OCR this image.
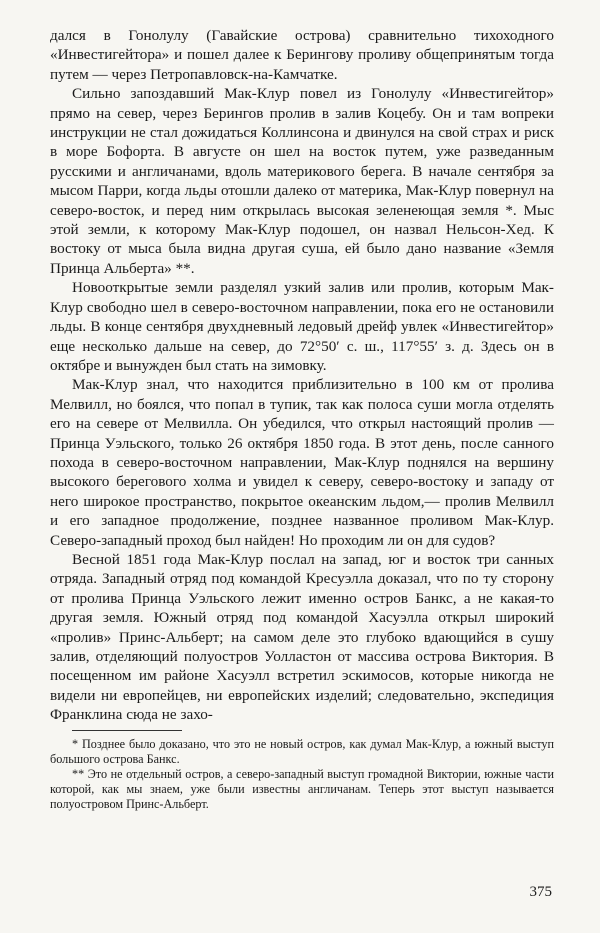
дался в Гонолулу (Гавайские острова) сравнительно тихоходного «Инвестигейтора» и пошел далее к Берингову проливу общепринятым тогда путем — через Петропавловск-на-Камчатке.

Сильно запоздавший Мак-Клур повел из Гонолулу «Инвестигейтор» прямо на север, через Берингов пролив в залив Коцебу. Он и там вопреки инструкции не стал дожидаться Коллинсона и двинулся на свой страх и риск в море Бофорта. В августе он шел на восток путем, уже разведанным русскими и англичанами, вдоль материкового берега. В начале сентября за мысом Парри, когда льды отошли далеко от материка, Мак-Клур повернул на северо-восток, и перед ним открылась высокая зеленеющая земля *. Мыс этой земли, к которому Мак-Клур подошел, он назвал Нельсон-Хед. К востоку от мыса была видна другая суша, ей было дано название «Земля Принца Альберта» **.

Новооткрытые земли разделял узкий залив или пролив, которым Мак-Клур свободно шел в северо-восточном направлении, пока его не остановили льды. В конце сентября двухдневный ледовый дрейф увлек «Инвестигейтор» еще несколько дальше на север, до 72°50′ с. ш., 117°55′ з. д. Здесь он в октябре и вынужден был стать на зимовку.

Мак-Клур знал, что находится приблизительно в 100 км от пролива Мелвилл, но боялся, что попал в тупик, так как полоса суши могла отделять его на севере от Мелвилла. Он убедился, что открыл настоящий пролив — Принца Уэльского, только 26 октября 1850 года. В этот день, после санного похода в северо-восточном направлении, Мак-Клур поднялся на вершину высокого берегового холма и увидел к северу, северо-востоку и западу от него широкое пространство, покрытое океанским льдом,— пролив Мелвилл и его западное продолжение, позднее названное проливом Мак-Клур. Северо-западный проход был найден! Но проходим ли он для судов?

Весной 1851 года Мак-Клур послал на запад, юг и восток три санных отряда. Западный отряд под командой Кресуэлла доказал, что по ту сторону от пролива Принца Уэльского лежит именно остров Банкс, а не какая-то другая земля. Южный отряд под командой Хасуэлла открыл широкий «пролив» Принс-Альберт; на самом деле это глубоко вдающийся в сушу залив, отделяющий полуостров Уолластон от массива острова Виктория. В посещенном им районе Хасуэлл встретил эскимосов, которые никогда не видели ни европейцев, ни европейских изделий; следовательно, экспедиция Франклина сюда не захо-

* Позднее было доказано, что это не новый остров, как думал Мак-Клур, а южный выступ большого острова Банкс.

** Это не отдельный остров, а северо-западный выступ громадной Виктории, южные части которой, как мы знаем, уже были известны англичанам. Теперь этот выступ называется полуостровом Принс-Альберт.

375
